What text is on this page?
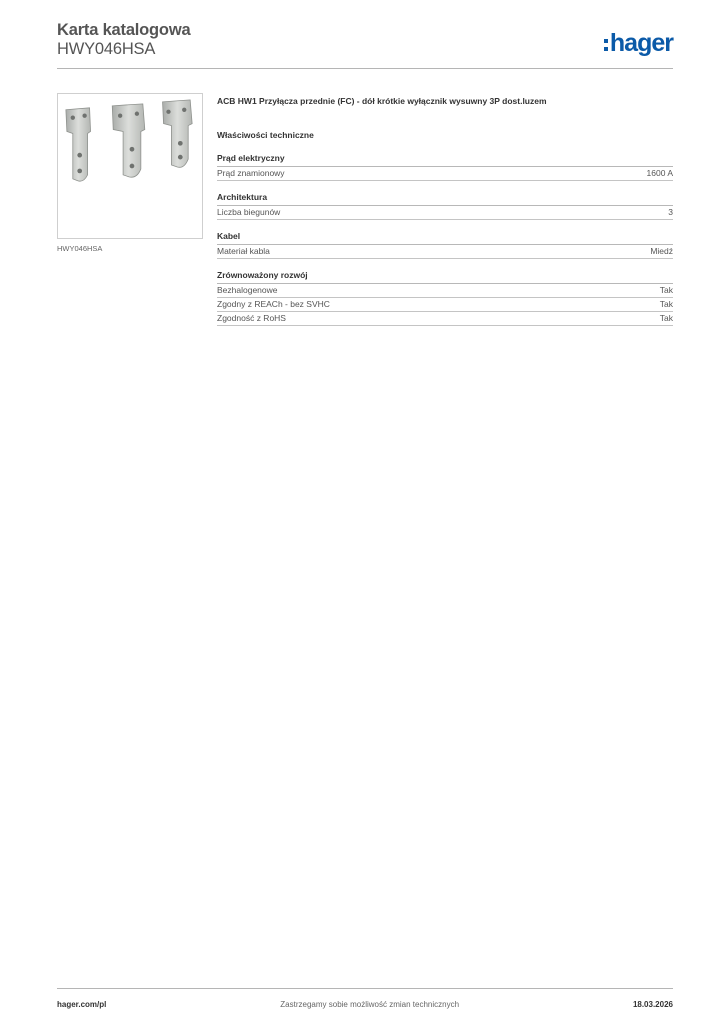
Karta katalogowa
HWY046HSA	hager
HWY046HSA
ACB HW1 Przyłącza przednie (FC) - dół krótkie wyłącznik wysuwny 3P dost.luzem
Właściwości techniczne
Prąd elektryczny
Prąd znamionowy	1600 A
Architektura
Liczba biegunów	3
Kabel
Materiał kabla	Miedź
Zrównoważony rozwój
Bezhalogenowe	Tak
Zgodny z REACh - bez SVHC	Tak
Zgodność z RoHS	Tak
hager.com/pl	Zastrzegamy sobie możliwość zmian technicznych	18.03.2026
